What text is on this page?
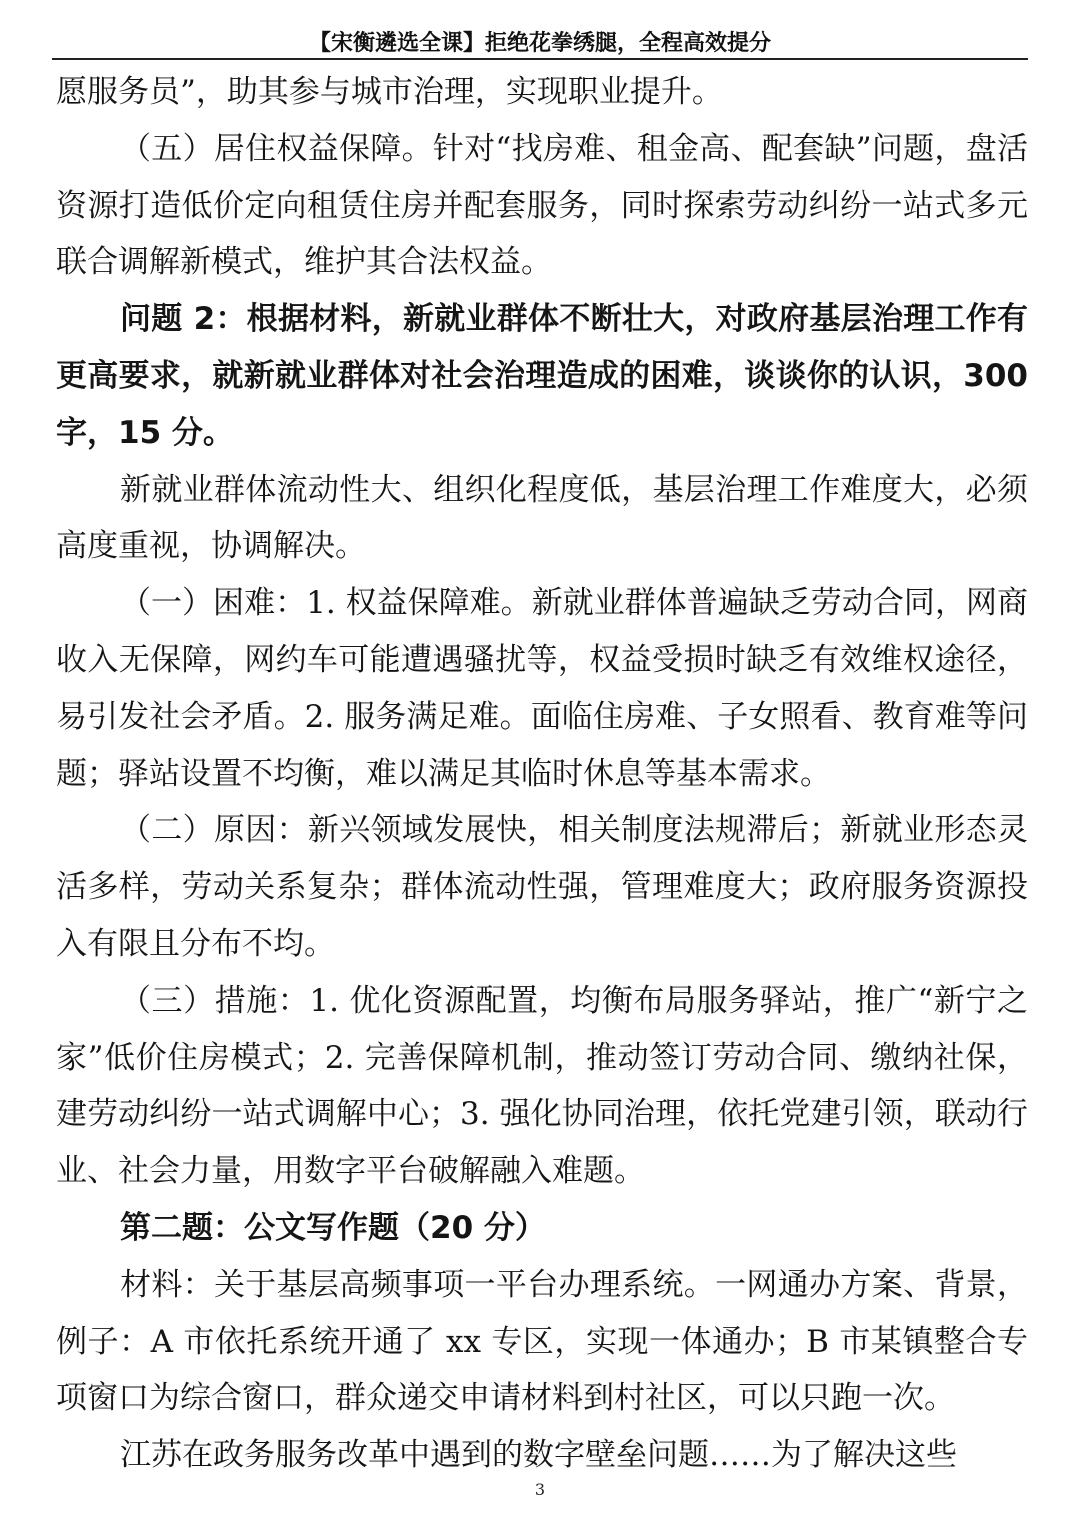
【宋衡遴选全课】拒绝花拳绣腿，全程高效提分

愿服务员”，助其参与城市治理，实现职业提升。

（五）居住权益保障。针对“找房难、租金高、配套缺”问题，盘活资源打造低价定向租赁住房并配套服务，同时探索劳动纠纷一站式多元联合调解新模式，维护其合法权益。

问题 2：根据材料，新就业群体不断壮大，对政府基层治理工作有更高要求，就新就业群体对社会治理造成的困难，谈谈你的认识，300 字，15 分。

新就业群体流动性大、组织化程度低，基层治理工作难度大，必须高度重视，协调解决。

（一）困难：1. 权益保障难。新就业群体普遍缺乏劳动合同，网商收入无保障，网约车可能遭遇骚扰等，权益受损时缺乏有效维权途径，易引发社会矛盾。2. 服务满足难。面临住房难、子女照看、教育难等问题；驿站设置不均衡，难以满足其临时休息等基本需求。

（二）原因：新兴领域发展快，相关制度法规滞后；新就业形态灵活多样，劳动关系复杂；群体流动性强，管理难度大；政府服务资源投入有限且分布不均。

（三）措施：1. 优化资源配置，均衡布局服务驿站，推广“新宁之家”低价住房模式；2. 完善保障机制，推动签订劳动合同、缴纳社保，建劳动纠纷一站式调解中心；3. 强化协同治理，依托党建引领，联动行业、社会力量，用数字平台破解融入难题。

第二题：公文写作题（20 分）

材料：关于基层高频事项一平台办理系统。一网通办方案、背景，例子：A 市依托系统开通了 xx 专区，实现一体通办；B 市某镇整合专项窗口为综合窗口，群众递交申请材料到村社区，可以只跑一次。

江苏在政务服务改革中遇到的数字壁垒问题……为了解决这些

3
